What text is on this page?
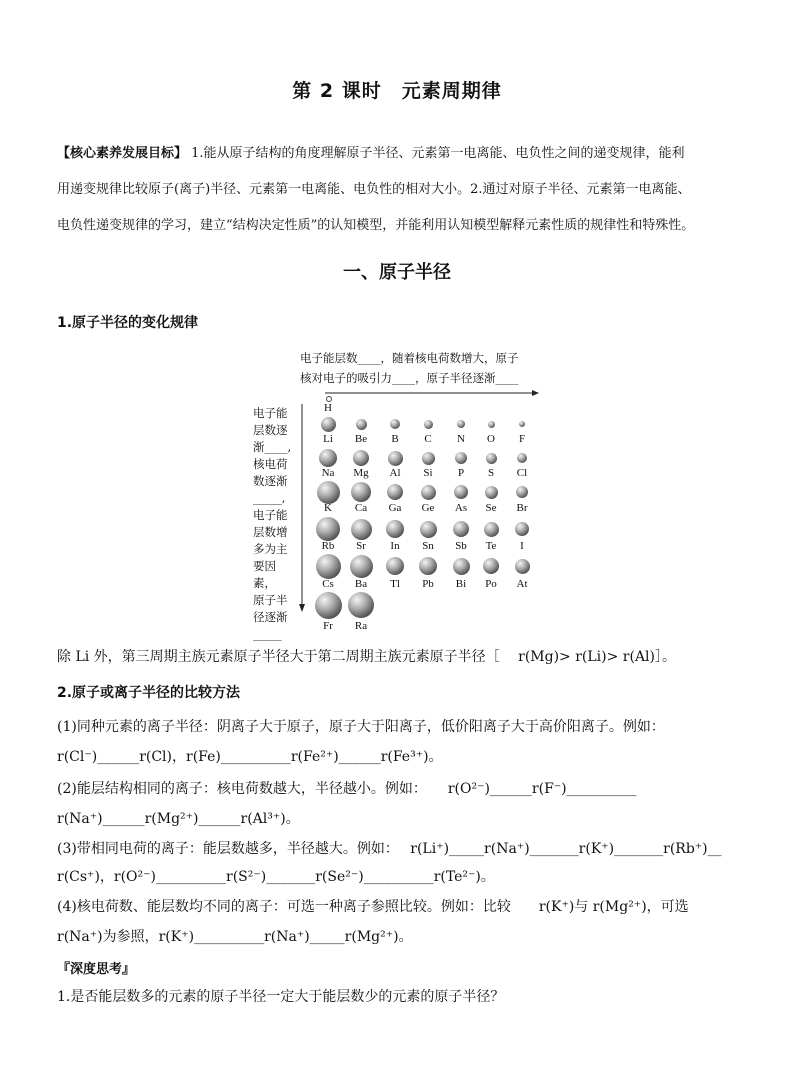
第 2 课时　元素周期律
【核心素养发展目标】 1.能从原子结构的角度理解原子半径、元素第一电离能、电负性之间的递变规律，能利
用递变规律比较原子(离子)半径、元素第一电离能、电负性的相对大小。2.通过对原子半径、元素第一电离能、
电负性递变规律的学习，建立“结构决定性质”的认知模型，并能利用认知模型解释元素性质的规律性和特殊性。
一、原子半径
1.原子半径的变化规律
电子能层数____，随着核电荷数增大，原子
核对电子的吸引力____，原子半径逐渐____
电子能
层数逐
渐____,
核电荷
数逐渐
_____,
电子能
层数增
多为主
要因素，
原子半
径逐渐
_____
H
Li	Be	B	C	N	O	F
Na	Mg	Al	Si	P	S	Cl
K	Ca	Ga	Ge	As	Se	Br
Rb	Sr	In	Sn	Sb	Te	I
Cs	Ba	Tl	Pb	Bi	Po	At
Fr	Ra
除 Li 外，第三周期主族元素原子半径大于第二周期主族元素原子半径［　 r(Mg)> r(Li)> r(Al)］。
2.原子或离子半径的比较方法
(1)同种元素的离子半径：阴离子大于原子，原子大于阳离子，低价阳离子大于高价阳离子。例如：
r(Cl⁻)______r(Cl)，r(Fe)__________r(Fe²⁺)______r(Fe³⁺)。
(2)能层结构相同的离子：核电荷数越大，半径越小。例如：　　r(O²⁻)______r(F⁻)__________
r(Na⁺)______r(Mg²⁺)______r(Al³⁺)。
(3)带相同电荷的离子：能层数越多，半径越大。例如：　 r(Li⁺)_____r(Na⁺)_______r(K⁺)_______r(Rb⁺)__
r(Cs⁺)，r(O²⁻)__________r(S²⁻)_______r(Se²⁻)__________r(Te²⁻)。
(4)核电荷数、能层数均不同的离子：可选一种离子参照比较。例如：比较　　r(K⁺)与 r(Mg²⁺)，可选
r(Na⁺)为参照，r(K⁺)__________r(Na⁺)_____r(Mg²⁺)。
『深度思考』
1.是否能层数多的元素的原子半径一定大于能层数少的元素的原子半径？
